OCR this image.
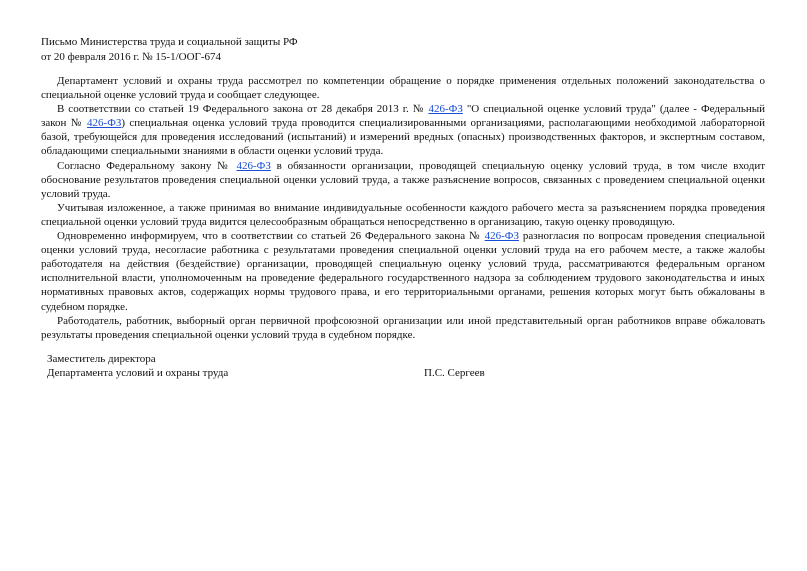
Письмо Министерства труда и социальной защиты РФ
от 20 февраля 2016 г. № 15-1/ООГ-674

Департамент условий и охраны труда рассмотрел по компетенции обращение о порядке применения отдельных положений законодательства о специальной оценке условий труда и сообщает следующее.

В соответствии со статьей 19 Федерального закона от 28 декабря 2013 г. № 426-ФЗ "О специальной оценке условий труда" (далее - Федеральный закон № 426-ФЗ) специальная оценка условий труда проводится специализированными организациями, располагающими необходимой лабораторной базой, требующейся для проведения исследований (испытаний) и измерений вредных (опасных) производственных факторов, и экспертным составом, обладающими специальными знаниями в области оценки условий труда.

Согласно Федеральному закону № 426-ФЗ в обязанности организации, проводящей специальную оценку условий труда, в том числе входит обоснование результатов проведения специальной оценки условий труда, а также разъяснение вопросов, связанных с проведением специальной оценки условий труда.

Учитывая изложенное, а также принимая во внимание индивидуальные особенности каждого рабочего места за разъяснением порядка проведения специальной оценки условий труда видится целесообразным обращаться непосредственно в организацию, такую оценку проводящую.

Одновременно информируем, что в соответствии со статьей 26 Федерального закона № 426-ФЗ разногласия по вопросам проведения специальной оценки условий труда, несогласие работника с результатами проведения специальной оценки условий труда на его рабочем месте, а также жалобы работодателя на действия (бездействие) организации, проводящей специальную оценку условий труда, рассматриваются федеральным органом исполнительной власти, уполномоченным на проведение федерального государственного надзора за соблюдением трудового законодательства и иных нормативных правовых актов, содержащих нормы трудового права, и его территориальными органами, решения которых могут быть обжалованы в судебном порядке.

Работодатель, работник, выборный орган первичной профсоюзной организации или иной представительный орган работников вправе обжаловать результаты проведения специальной оценки условий труда в судебном порядке.

Заместитель директора
Департамента условий и охраны труда	П.С. Сергеев
